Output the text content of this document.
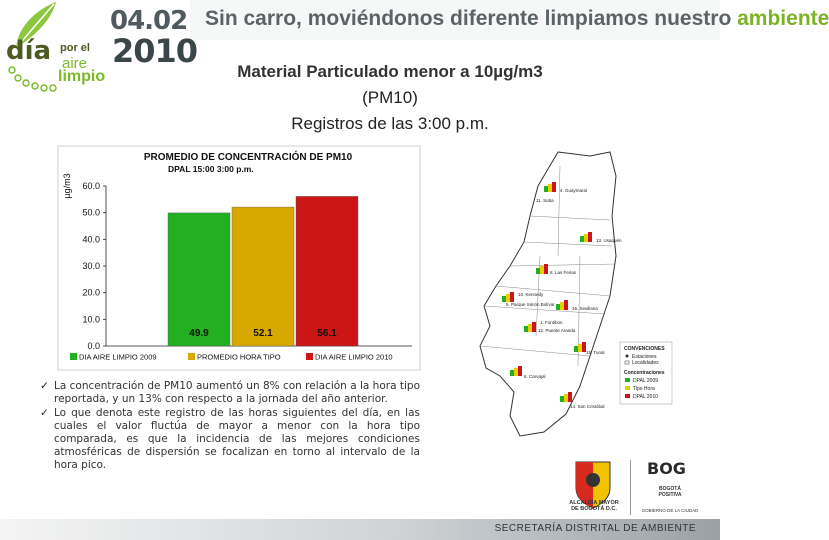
día por el
aire
limpio
04.02
2010
Sin carro, moviéndonos diferente limpiamos nuestro ambiente
Material Particulado menor a 10µg/m3
(PM10)
Registros de las 3:00 p.m.
PROMEDIO DE CONCENTRACIÓN DE PM10
DPAL 15:00 3:00 p.m.
µg/m3 60.0
50.0
40.0
30.0
20.0
10.0
0.0
49.9	52.1	56.1
DIA AIRE LIMPIO 2009	PROMEDIO HORA TIPO	DIA AIRE LIMPIO 2010
✓ La concentración de PM10 aumentó un 8% con relación a la hora tipo reportada, y un 13% con respecto a la jornada del año anterior.
✓ Lo que denota este registro de las horas siguientes del día, en las cuales el valor fluctúa de mayor a menor con la hora tipo comparada, es que la incidencia de las mejores condiciones atmosféricas de dispersión se focalizan en torno al intervalo de la hora pico.
4. Guaymaral
11. Suba
13. Usaquén
8. Las Ferias
10. Kennedy
16. Sevillana
14. San Cristóbal
12. Puente Aranda
15. Tunal
6. Carvajal
1. Fontibon
5. Parque Simón Bolívar
CONVENCIONES
Estaciones
Localidades
Concentraciones
DPAL 2009
Tipo Hora
DPAL 2010
ALCALDÍA MAYOR
DE BOGOTÁ D.C.
BOG
BOGOTÁ
POSITIVA
GOBIERNO DE LA CIUDAD
SECRETARÍA DISTRITAL DE AMBIENTE
